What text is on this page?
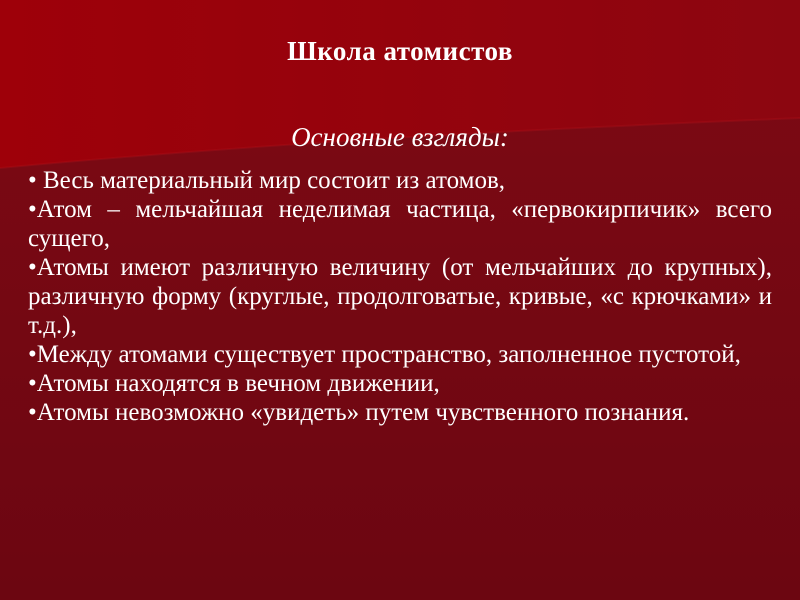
Школа атомистов
Основные взгляды:
• Весь материальный мир состоит из атомов,
•Атом – мельчайшая неделимая частица, «первокирпичик» всего сущего,
•Атомы имеют различную величину (от мельчайших до крупных), различную форму (круглые, продолговатые, кривые, «с крючками» и т.д.),
•Между атомами существует пространство, заполненное пустотой,
•Атомы находятся в вечном движении,
•Атомы невозможно «увидеть» путем чувственного познания.
